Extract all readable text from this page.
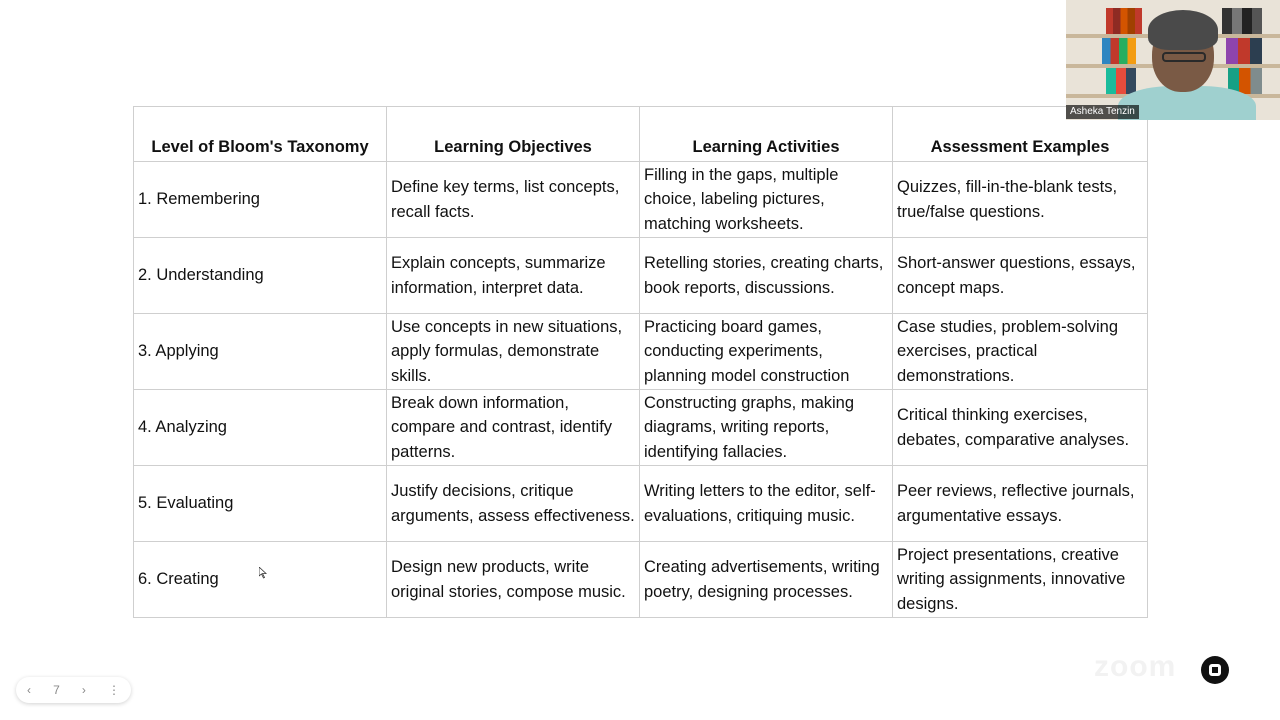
Level of Bloom's Taxonomy	Learning Objectives	Learning Activities	Assessment Examples
1. Remembering	Define key terms, list concepts, recall facts.	Filling in the gaps, multiple choice, labeling pictures, matching worksheets.	Quizzes, fill-in-the-blank tests, true/false questions.
2. Understanding	Explain concepts, summarize information, interpret data.	Retelling stories, creating charts, book reports, discussions.	Short-answer questions, essays, concept maps.
3. Applying	Use concepts in new situations, apply formulas, demonstrate skills.	Practicing board games, conducting experiments, planning model construction	Case studies, problem-solving exercises, practical demonstrations.
4. Analyzing	Break down information, compare and contrast, identify patterns.	Constructing graphs, making diagrams, writing reports, identifying fallacies.	Critical thinking exercises, debates, comparative analyses.
5. Evaluating	Justify decisions, critique arguments, assess effectiveness.	Writing letters to the editor, self-evaluations, critiquing music.	Peer reviews, reflective journals, argumentative essays.
6. Creating	Design new products, write original stories, compose music.	Creating advertisements, writing poetry, designing processes.	Project presentations, creative writing assignments, innovative designs.
Asheka Tenzin
‹ 7 › ⋮
zoom
